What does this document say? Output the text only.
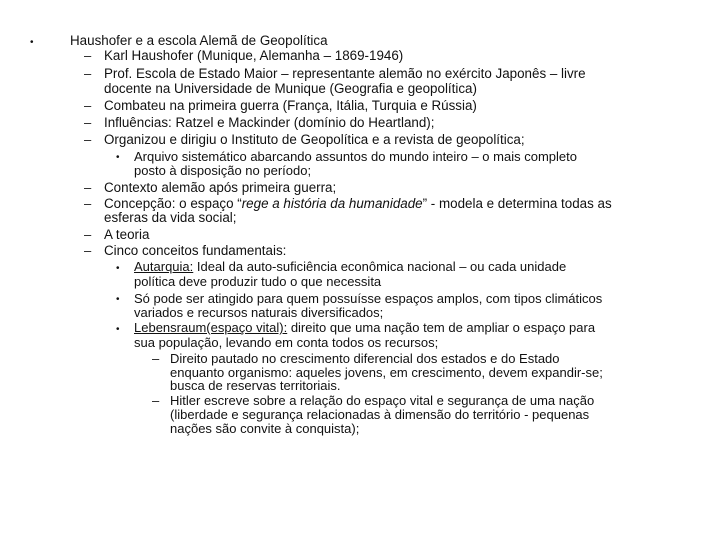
•	Haushofer e a escola Alemã de Geopolítica

– Karl Haushofer (Munique, Alemanha – 1869-1946)

– Prof. Escola de Estado Maior – representante alemão no exército Japonês – livre

docente na Universidade de Munique (Geografia e geopolítica)

– Combateu na primeira guerra (França, Itália, Turquia e Rússia)

– Influências: Ratzel e Mackinder (domínio do Heartland);

– Organizou e dirigiu o Instituto de Geopolítica e a revista de geopolítica;

• Arquivo sistemático abarcando assuntos do mundo inteiro – o mais completo

posto à disposição no período;

– Contexto alemão após primeira guerra;

– Concepção: o espaço “rege a história da humanidade” - modela e determina todas as

esferas da vida social;

– A teoria

– Cinco conceitos fundamentais:

• Autarquia: Ideal da auto-suficiência econômica nacional – ou cada unidade

política deve produzir tudo o que necessita

• Só pode ser atingido para quem possuísse espaços amplos, com tipos climáticos

variados e recursos naturais diversificados;

• Lebensraum(espaço vital): direito que uma nação tem de ampliar o espaço para

sua população, levando em conta todos os recursos;

– Direito pautado no crescimento diferencial dos estados e do Estado

enquanto organismo: aqueles jovens, em crescimento, devem expandir-se;

busca de reservas territoriais.

– Hitler escreve sobre a relação do espaço vital e segurança de uma nação

(liberdade e segurança relacionadas à dimensão do território - pequenas

nações são convite à conquista);
